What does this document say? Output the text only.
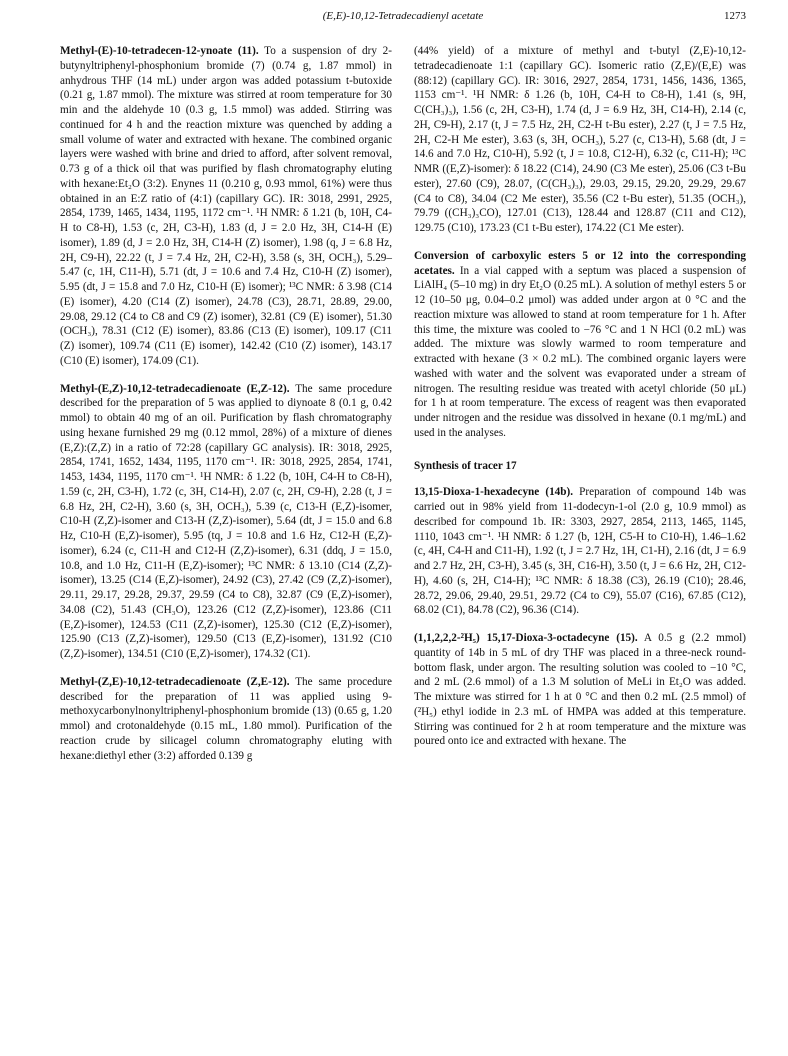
(E,E)-10,12-Tetradecadienyl acetate	1273

Methyl-(E)-10-tetradecen-12-ynoate (11). To a suspension of dry 2-butynyltriphenyl-phosphonium bromide (7) (0.74 g, 1.87 mmol) in anhydrous THF (14 mL) under argon was added potassium t-butoxide (0.21 g, 1.87 mmol). The mixture was stirred at room temperature for 30 min and the aldehyde 10 (0.3 g, 1.5 mmol) was added. Stirring was continued for 4 h and the reaction mixture was quenched by adding a small volume of water and extracted with hexane. The combined organic layers were washed with brine and dried to afford, after solvent removal, 0.73 g of a thick oil that was purified by flash chromatography eluting with hexane:Et₂O (3:2). Enynes 11 (0.210 g, 0.93 mmol, 61%) were thus obtained in an E:Z ratio of (4:1) (capillary GC). IR: 3018, 2991, 2925, 2854, 1739, 1465, 1434, 1195, 1172 cm⁻¹. ¹H NMR: δ 1.21 (b, 10H, C4-H to C8-H), 1.53 (c, 2H, C3-H), 1.83 (d, J = 2.0 Hz, 3H, C14-H (E) isomer), 1.89 (d, J = 2.0 Hz, 3H, C14-H (Z) isomer), 1.98 (q, J = 6.8 Hz, 2H, C9-H), 22.22 (t, J = 7.4 Hz, 2H, C2-H), 3.58 (s, 3H, OCH₃), 5.29–5.47 (c, 1H, C11-H), 5.71 (dt, J = 10.6 and 7.4 Hz, C10-H (Z) isomer), 5.95 (dt, J = 15.8 and 7.0 Hz, C10-H (E) isomer); ¹³C NMR: δ 3.98 (C14 (E) isomer), 4.20 (C14 (Z) isomer), 24.78 (C3), 28.71, 28.89, 29.00, 29.08, 29.12 (C4 to C8 and C9 (Z) isomer), 32.81 (C9 (E) isomer), 51.30 (OCH₃), 78.31 (C12 (E) isomer), 83.86 (C13 (E) isomer), 109.17 (C11 (Z) isomer), 109.74 (C11 (E) isomer), 142.42 (C10 (Z) isomer), 143.17 (C10 (E) isomer), 174.09 (C1).

Methyl-(E,Z)-10,12-tetradecadienoate (E,Z-12). The same procedure described for the preparation of 5 was applied to diynoate 8 (0.1 g, 0.42 mmol) to obtain 40 mg of an oil. Purification by flash chromatography using hexane furnished 29 mg (0.12 mmol, 28%) of a mixture of dienes (E,Z):(Z,Z) in a ratio of 72:28 (capillary GC analysis). IR: 3018, 2925, 2854, 1741, 1652, 1434, 1195, 1170 cm⁻¹. IR: 3018, 2925, 2854, 1741, 1453, 1434, 1195, 1170 cm⁻¹. ¹H NMR: δ 1.22 (b, 10H, C4-H to C8-H), 1.59 (c, 2H, C3-H), 1.72 (c, 3H, C14-H), 2.07 (c, 2H, C9-H), 2.28 (t, J = 6.8 Hz, 2H, C2-H), 3.60 (s, 3H, OCH₃), 5.39 (c, C13-H (E,Z)-isomer, C10-H (Z,Z)-isomer and C13-H (Z,Z)-isomer), 5.64 (dt, J = 15.0 and 6.8 Hz, C10-H (E,Z)-isomer), 5.95 (tq, J = 10.8 and 1.6 Hz, C12-H (E,Z)-isomer), 6.24 (c, C11-H and C12-H (Z,Z)-isomer), 6.31 (ddq, J = 15.0, 10.8, and 1.0 Hz, C11-H (E,Z)-isomer); ¹³C NMR: δ 13.10 (C14 (Z,Z)-isomer), 13.25 (C14 (E,Z)-isomer), 24.92 (C3), 27.42 (C9 (Z,Z)-isomer), 29.11, 29.17, 29.28, 29.37, 29.59 (C4 to C8), 32.87 (C9 (E,Z)-isomer), 34.08 (C2), 51.43 (CH₃O), 123.26 (C12 (Z,Z)-isomer), 123.86 (C11 (E,Z)-isomer), 124.53 (C11 (Z,Z)-isomer), 125.30 (C12 (E,Z)-isomer), 125.90 (C13 (Z,Z)-isomer), 129.50 (C13 (E,Z)-isomer), 131.92 (C10 (Z,Z)-isomer), 134.51 (C10 (E,Z)-isomer), 174.32 (C1).

Methyl-(Z,E)-10,12-tetradecadienoate (Z,E-12). The same procedure described for the preparation of 11 was applied using 9-methoxycarbonylnonyltriphenyl-phosphonium bromide (13) (0.65 g, 1.20 mmol) and crotonaldehyde (0.15 mL, 1.80 mmol). Purification of the reaction crude by silicagel column chromatography eluting with hexane:diethyl ether (3:2) afforded 0.139 g

(44% yield) of a mixture of methyl and t-butyl (Z,E)-10,12-tetradecadienoate 1:1 (capillary GC). Isomeric ratio (Z,E)/(E,E) was (88:12) (capillary GC). IR: 3016, 2927, 2854, 1731, 1456, 1436, 1365, 1153 cm⁻¹. ¹H NMR: δ 1.26 (b, 10H, C4-H to C8-H), 1.41 (s, 9H, C(CH₃)₃), 1.56 (c, 2H, C3-H), 1.74 (d, J = 6.9 Hz, 3H, C14-H), 2.14 (c, 2H, C9-H), 2.17 (t, J = 7.5 Hz, 2H, C2-H t-Bu ester), 2.27 (t, J = 7.5 Hz, 2H, C2-H Me ester), 3.63 (s, 3H, OCH₃), 5.27 (c, C13-H), 5.68 (dt, J = 14.6 and 7.0 Hz, C10-H), 5.92 (t, J = 10.8, C12-H), 6.32 (c, C11-H); ¹³C NMR ((E,Z)-isomer): δ 18.22 (C14), 24.90 (C3 Me ester), 25.06 (C3 t-Bu ester), 27.60 (C9), 28.07, (C(CH₃)₃), 29.03, 29.15, 29.20, 29.29, 29.67 (C4 to C8), 34.04 (C2 Me ester), 35.56 (C2 t-Bu ester), 51.35 (OCH₃), 79.79 ((CH₃)₃CO), 127.01 (C13), 128.44 and 128.87 (C11 and C12), 129.75 (C10), 173.23 (C1 t-Bu ester), 174.22 (C1 Me ester).

Conversion of carboxylic esters 5 or 12 into the corresponding acetates. In a vial capped with a septum was placed a suspension of LiAlH₄ (5–10 mg) in dry Et₂O (0.25 mL). A solution of methyl esters 5 or 12 (10–50 μg, 0.04–0.2 μmol) was added under argon at 0 °C and the reaction mixture was allowed to stand at room temperature for 1 h. After this time, the mixture was cooled to −76 °C and 1 N HCl (0.2 mL) was added. The mixture was slowly warmed to room temperature and extracted with hexane (3 × 0.2 mL). The combined organic layers were washed with water and the solvent was evaporated under a stream of nitrogen. The resulting residue was treated with acetyl chloride (50 μL) for 1 h at room temperature. The excess of reagent was then evaporated under nitrogen and the residue was dissolved in hexane (0.1 mg/mL) and used in the analyses.

Synthesis of tracer 17

13,15-Dioxa-1-hexadecyne (14b). Preparation of compound 14b was carried out in 98% yield from 11-dodecyn-1-ol (2.0 g, 10.9 mmol) as described for compound 1b. IR: 3303, 2927, 2854, 2113, 1465, 1145, 1110, 1043 cm⁻¹. ¹H NMR: δ 1.27 (b, 12H, C5-H to C10-H), 1.46–1.62 (c, 4H, C4-H and C11-H), 1.92 (t, J = 2.7 Hz, 1H, C1-H), 2.16 (dt, J = 6.9 and 2.7 Hz, 2H, C3-H), 3.45 (s, 3H, C16-H), 3.50 (t, J = 6.6 Hz, 2H, C12-H), 4.60 (s, 2H, C14-H); ¹³C NMR: δ 18.38 (C3), 26.19 (C10); 28.46, 28.72, 29.06, 29.40, 29.51, 29.72 (C4 to C9), 55.07 (C16), 67.85 (C12), 68.02 (C1), 84.78 (C2), 96.36 (C14).

(1,1,2,2,2-²H₅) 15,17-Dioxa-3-octadecyne (15). A 0.5 g (2.2 mmol) quantity of 14b in 5 mL of dry THF was placed in a three-neck round-bottom flask, under argon. The resulting solution was cooled to −10 °C, and 2 mL (2.6 mmol) of a 1.3 M solution of MeLi in Et₂O was added. The mixture was stirred for 1 h at 0 °C and then 0.2 mL (2.5 mmol) of (²H₅) ethyl iodide in 2.3 mL of HMPA was added at this temperature. Stirring was continued for 2 h at room temperature and the mixture was poured onto ice and extracted with hexane. The
